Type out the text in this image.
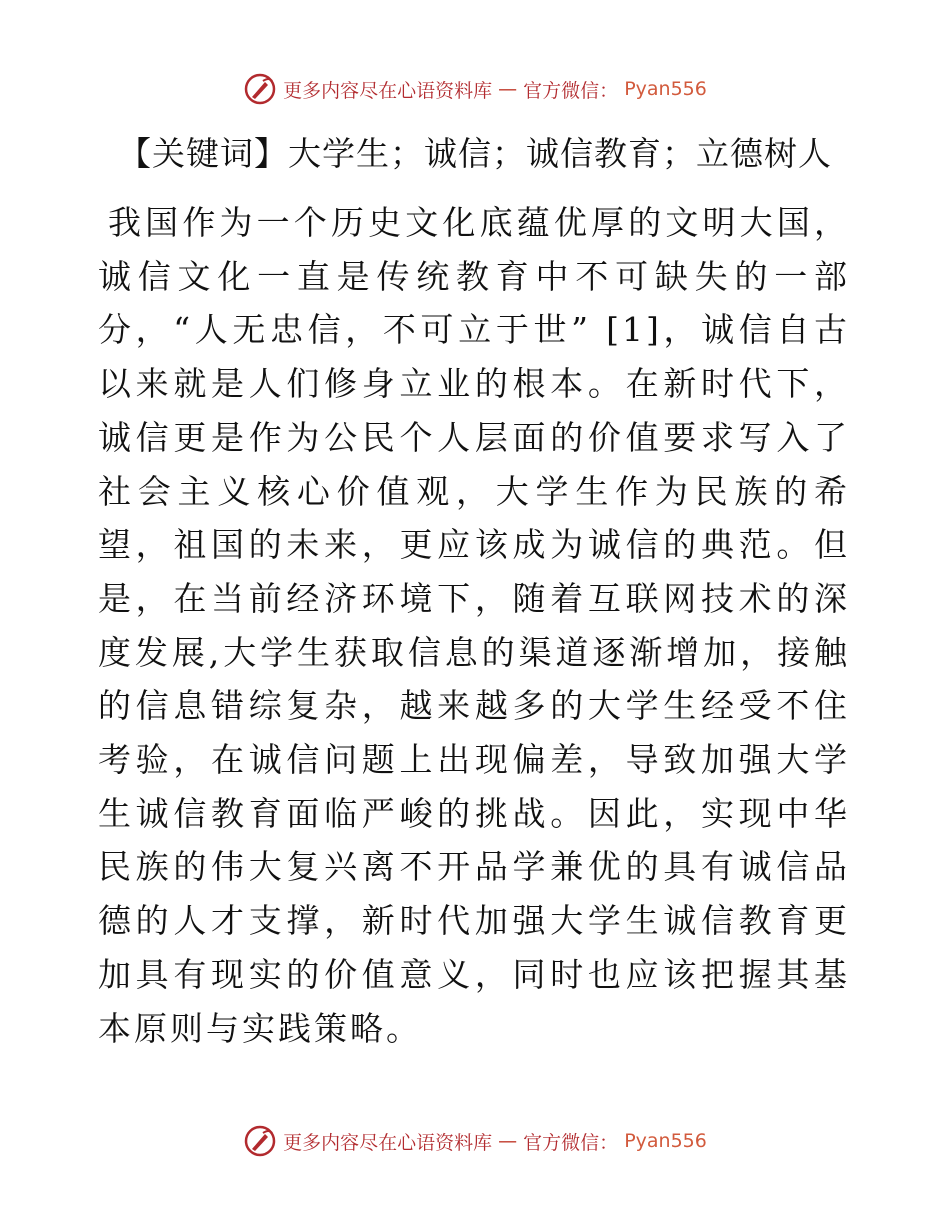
更多内容尽在心语资料库 — 官方微信： Pyan556
【关键词】大学生；诚信；诚信教育；立德树人

我国作为一个历史文化底蕴优厚的文明大国，诚信文化一直是传统教育中不可缺失的一部分，“人无忠信，不可立于世” [1]，诚信自古以来就是人们修身立业的根本。在新时代下，诚信更是作为公民个人层面的价值要求写入了社会主义核心价值观，大学生作为民族的希望，祖国的未来，更应该成为诚信的典范。但是，在当前经济环境下，随着互联网技术的深度发展,大学生获取信息的渠道逐渐增加，接触的信息错综复杂，越来越多的大学生经受不住考验，在诚信问题上出现偏差，导致加强大学生诚信教育面临严峻的挑战。因此，实现中华民族的伟大复兴离不开品学兼优的具有诚信品德的人才支撑，新时代加强大学生诚信教育更加具有现实的价值意义，同时也应该把握其基本原则与实践策略。

更多内容尽在心语资料库 — 官方微信： Pyan556
